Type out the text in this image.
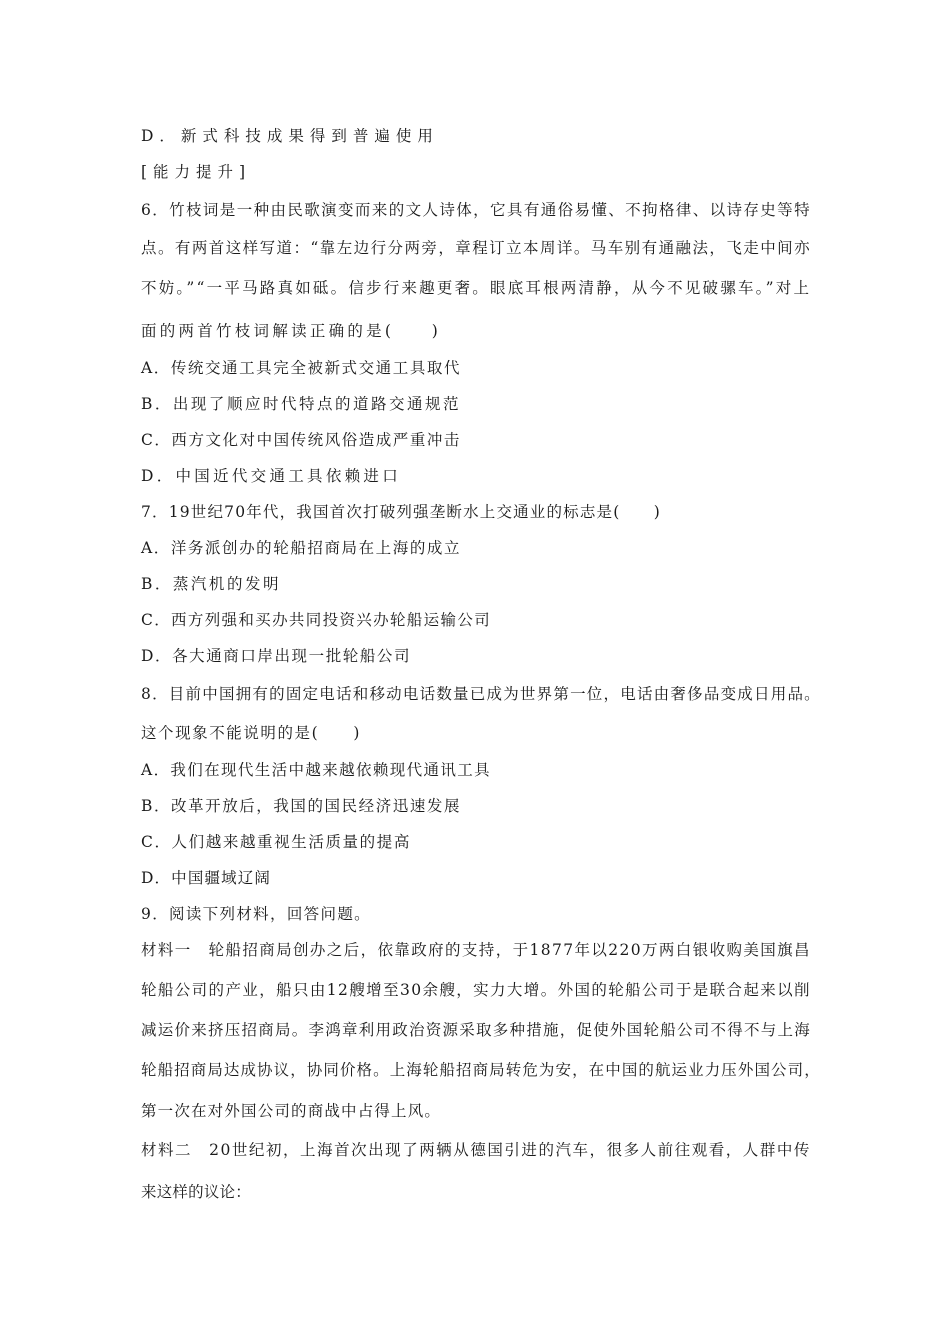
D．新式科技成果得到普遍使用
[能力提升]
6．竹枝词是一种由民歌演变而来的文人诗体，它具有通俗易懂、不拘格律、以诗存史等特
点。有两首这样写道：“靠左边行分两旁，章程订立本周详。马车别有通融法，飞走中间亦
不妨。”“一平马路真如砥。信步行来趣更奢。眼底耳根两清静，从今不见破骡车。”对上
面的两首竹枝词解读正确的是(　　)
A．传统交通工具完全被新式交通工具取代
B．出现了顺应时代特点的道路交通规范
C．西方文化对中国传统风俗造成严重冲击
D．中国近代交通工具依赖进口
7．19世纪70年代，我国首次打破列强垄断水上交通业的标志是(　　)
A．洋务派创办的轮船招商局在上海的成立
B．蒸汽机的发明
C．西方列强和买办共同投资兴办轮船运输公司
D．各大通商口岸出现一批轮船公司
8．目前中国拥有的固定电话和移动电话数量已成为世界第一位，电话由奢侈品变成日用品。
这个现象不能说明的是(　　)
A．我们在现代生活中越来越依赖现代通讯工具
B．改革开放后，我国的国民经济迅速发展
C．人们越来越重视生活质量的提高
D．中国疆域辽阔
9．阅读下列材料，回答问题。
材料一　轮船招商局创办之后，依靠政府的支持，于1877年以220万两白银收购美国旗昌
轮船公司的产业，船只由12艘增至30余艘，实力大增。外国的轮船公司于是联合起来以削
减运价来挤压招商局。李鸿章利用政治资源采取多种措施，促使外国轮船公司不得不与上海
轮船招商局达成协议，协同价格。上海轮船招商局转危为安，在中国的航运业力压外国公司，
第一次在对外国公司的商战中占得上风。
材料二　20世纪初，上海首次出现了两辆从德国引进的汽车，很多人前往观看，人群中传
来这样的议论：
